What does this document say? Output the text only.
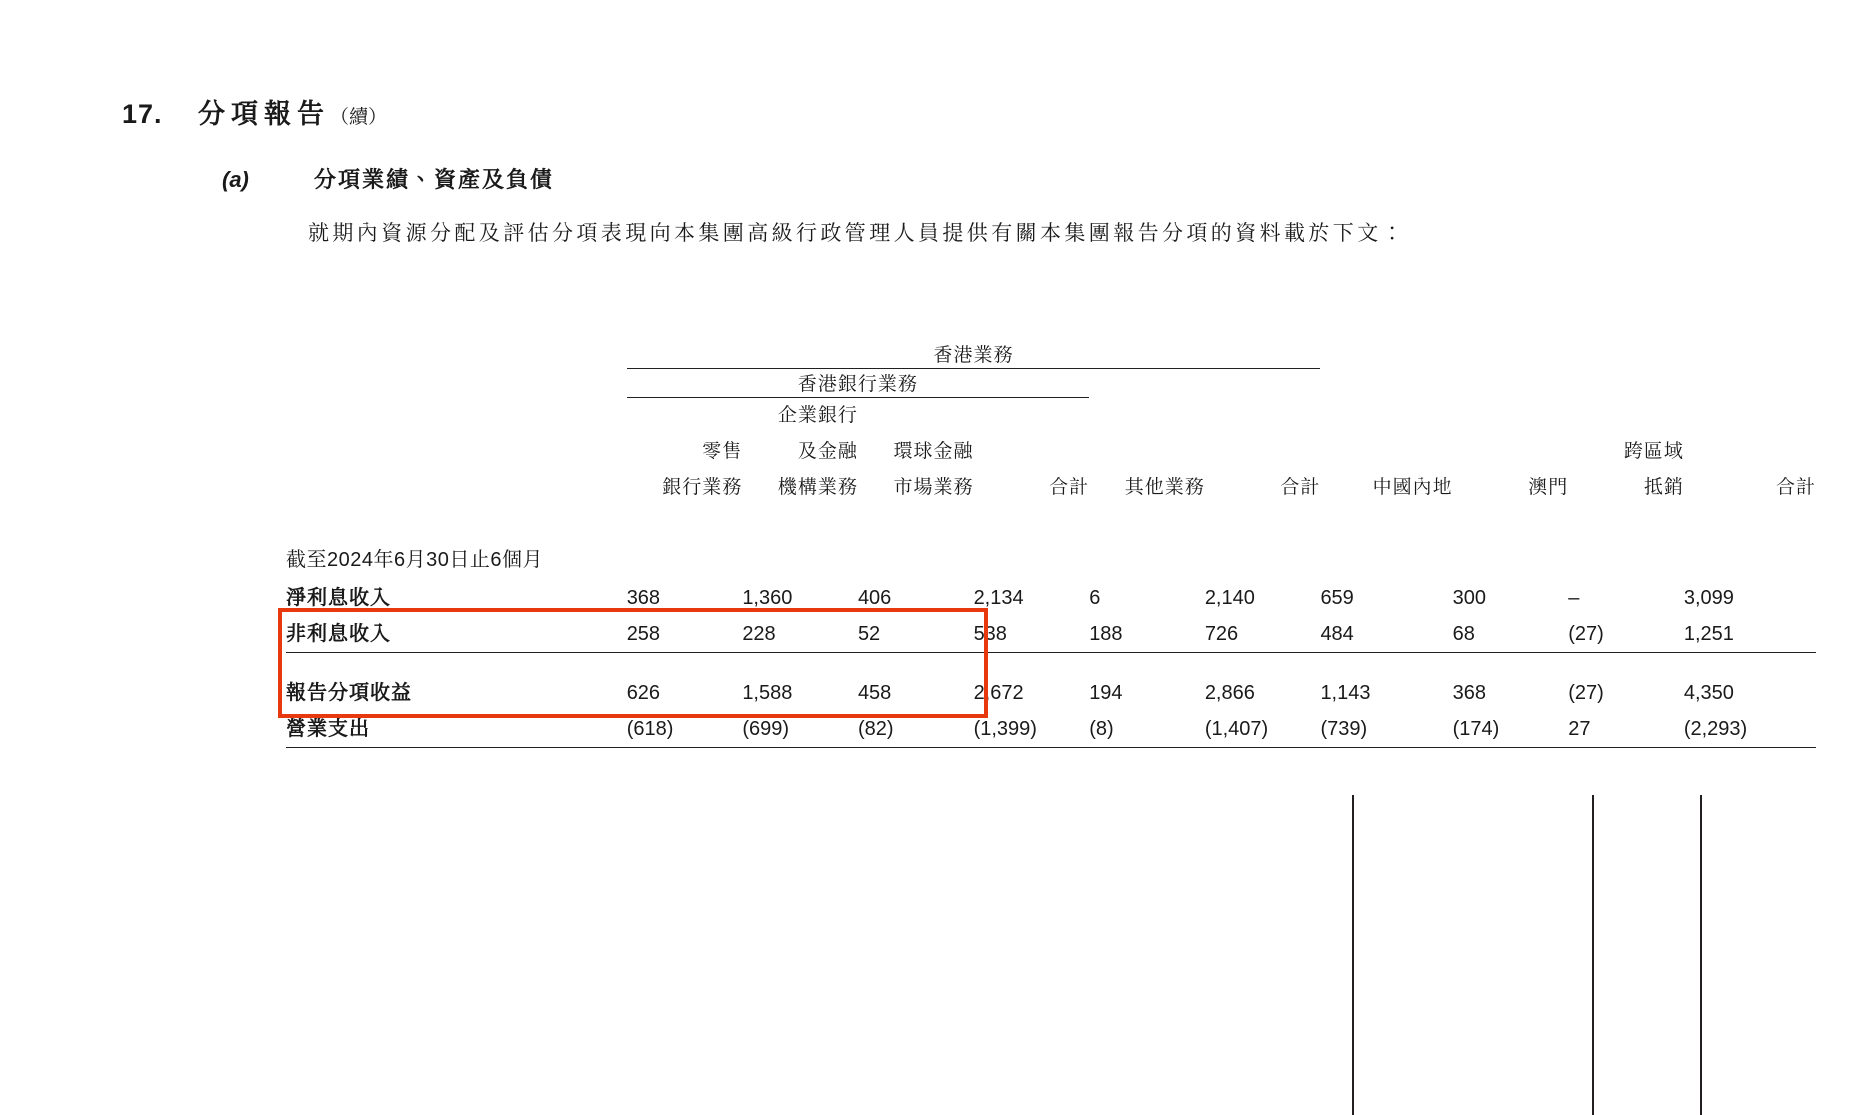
17.	分項報告（續）
(a)	分項業績、資產及負債
就期內資源分配及評估分項表現向本集團高級行政管理人員提供有關本集團報告分項的資料載於下文：
	香港業務									

	香港銀行業務									

		企業銀行								
	零售	及金融	環球金融						跨區域	
	銀行業務	機構業務	市場業務	合計	其他業務	合計	中國內地	澳門	抵銷	合計

截至2024年6月30日止6個月										
淨利息收入	368	1,360	406	2,134	6	2,140	659	300	–	3,099
非利息收入	258	228	52	538	188	726	484	68	(27)	1,251

報告分項收益	626	1,588	458	2,672	194	2,866	1,143	368	(27)	4,350
營業支出	(618)	(699)	(82)	(1,399)	(8)	(1,407)	(739)	(174)	27	(2,293)
